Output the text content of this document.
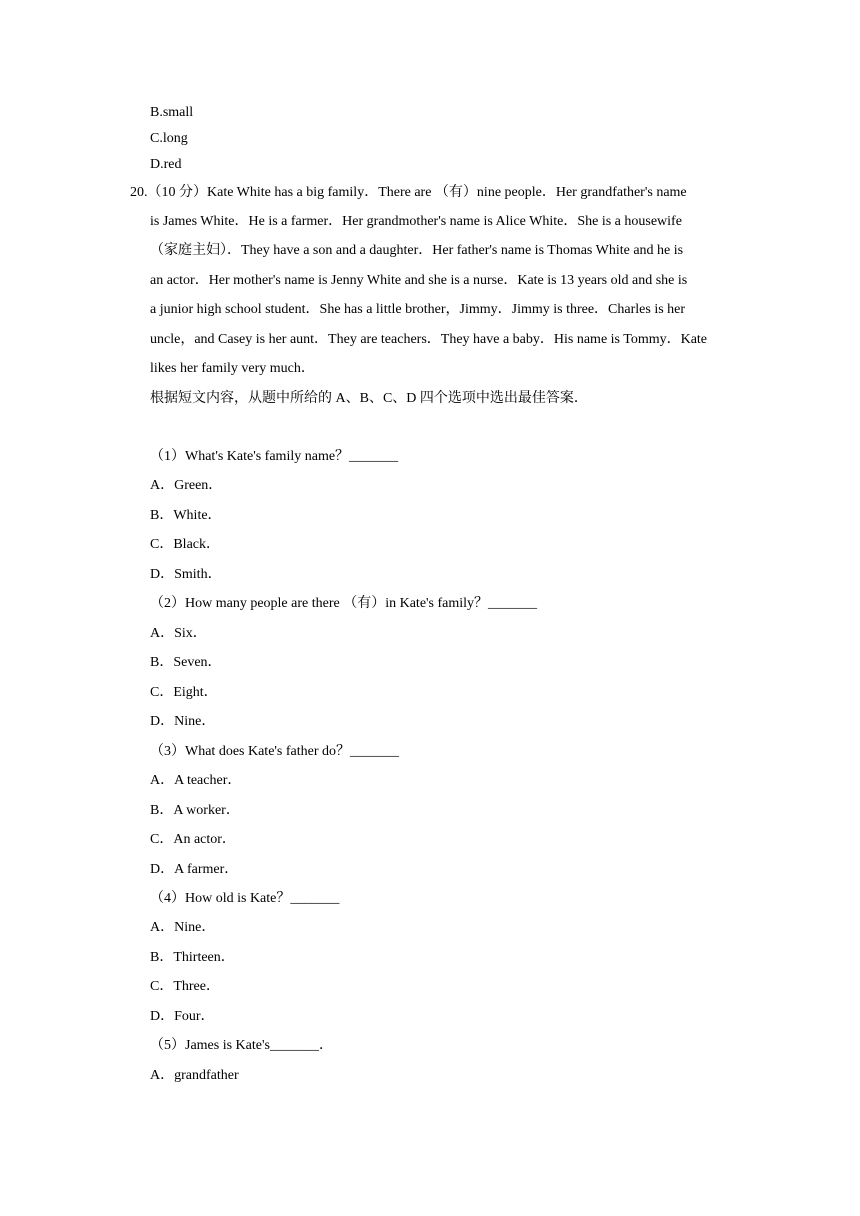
B.small
C.long
D.red
20.（10 分）Kate White has a big family．There are （有）nine people．Her grandfather's name
is James White．He is a farmer．Her grandmother's name is Alice White．She is a housewife
（家庭主妇）．They have a son and a daughter．Her father's name is Thomas White and he is
an actor．Her mother's name is Jenny White and she is a nurse．Kate is 13 years old and she is
a junior high school student．She has a little brother，Jimmy．Jimmy is three．Charles is her
uncle，and Casey is her aunt．They are teachers．They have a baby．His name is Tommy．Kate
likes her family very much．
根据短文内容，从题中所给的 A、B、C、D 四个选项中选出最佳答案．
（1）What's Kate's family name？_______
A．Green．
B．White．
C．Black．
D．Smith．
（2）How many people are there （有）in Kate's family？_______
A．Six．
B．Seven．
C．Eight．
D．Nine．
（3）What does Kate's father do？_______
A．A teacher．
B．A worker．
C．An actor．
D．A farmer．
（4）How old is Kate？_______
A．Nine．
B．Thirteen．
C．Three．
D．Four．
（5）James is Kate's_______．
A．grandfather
